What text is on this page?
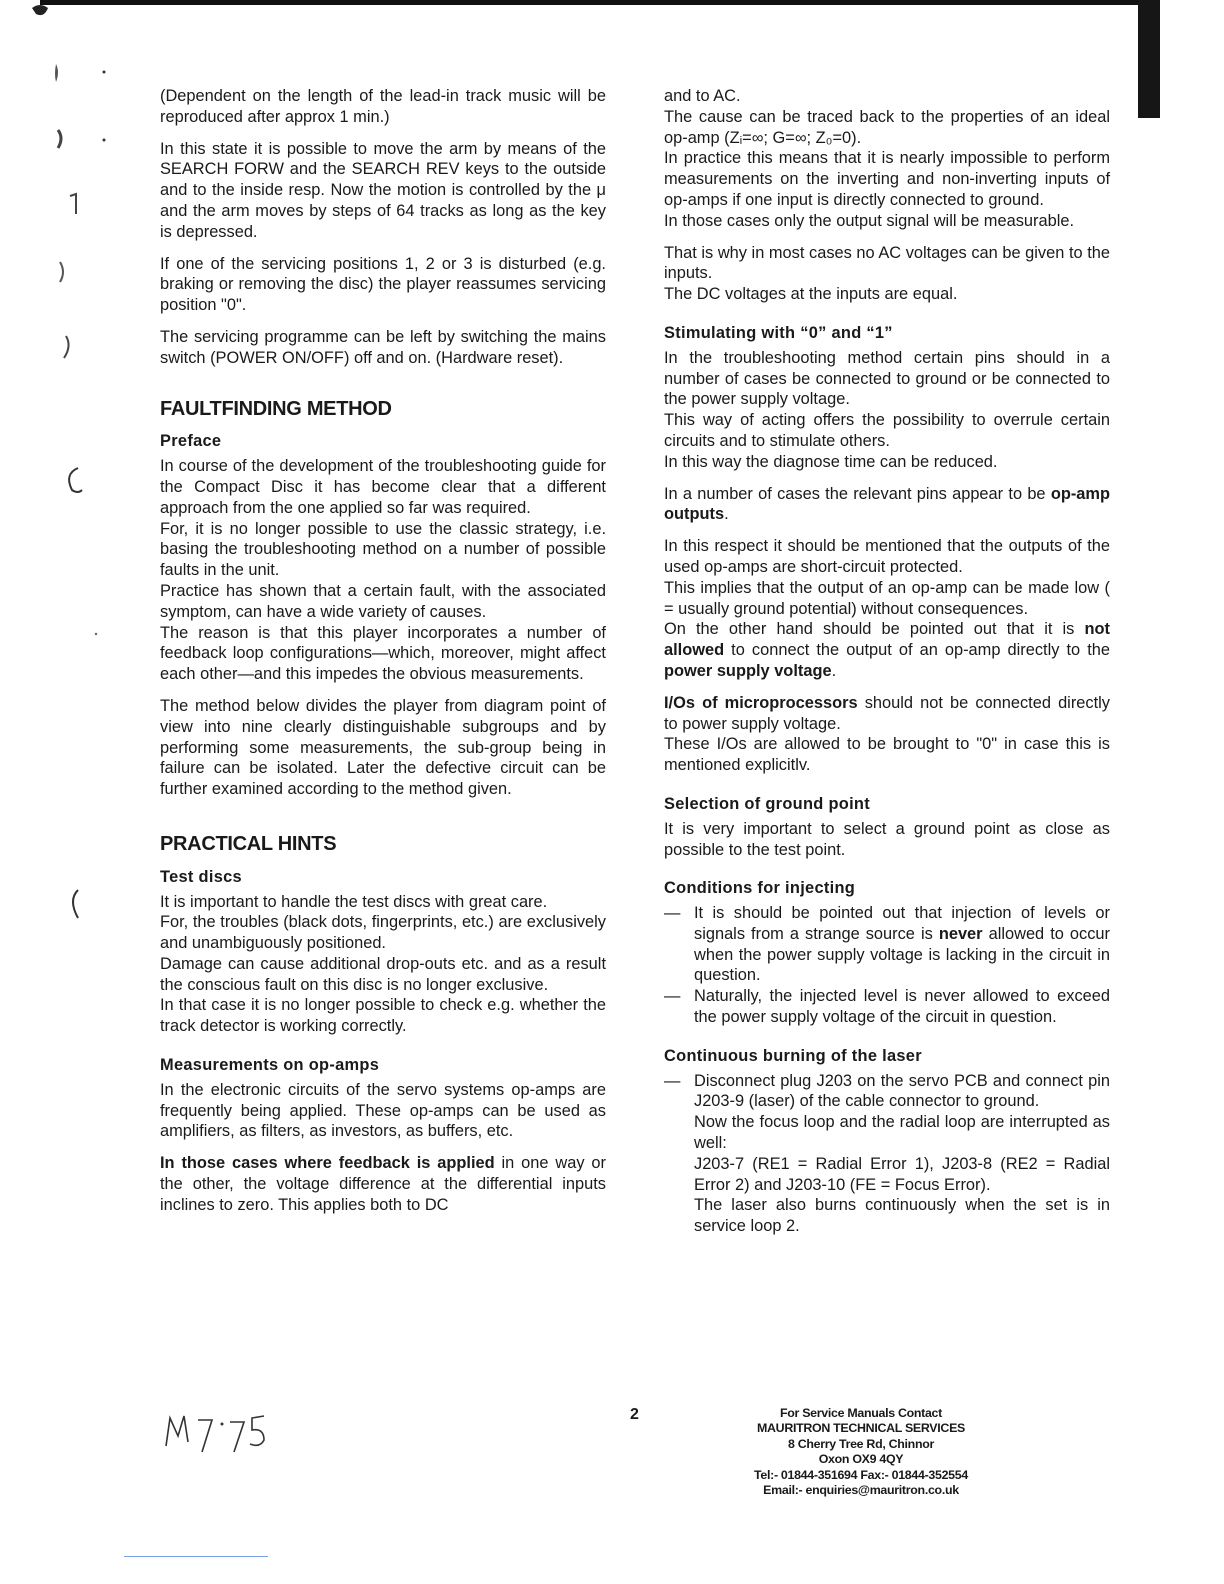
(Dependent on the length of the lead-in track music will be reproduced after approx 1 min.)

In this state it is possible to move the arm by means of the SEARCH FORW and the SEARCH REV keys to the outside and to the inside resp. Now the motion is controlled by the μ and the arm moves by steps of 64 tracks as long as the key is depressed.

If one of the servicing positions 1, 2 or 3 is disturbed (e.g. braking or removing the disc) the player reassumes servicing position "0".

The servicing programme can be left by switching the mains switch (POWER ON/OFF) off and on. (Hardware reset).

FAULTFINDING METHOD
Preface

In course of the development of the troubleshooting guide for the Compact Disc it has become clear that a different approach from the one applied so far was required.

For, it is no longer possible to use the classic strategy, i.e. basing the troubleshooting method on a number of possible faults in the unit.

Practice has shown that a certain fault, with the associated symptom, can have a wide variety of causes.

The reason is that this player incorporates a number of feedback loop configurations—which, moreover, might affect each other—and this impedes the obvious measurements.

The method below divides the player from diagram point of view into nine clearly distinguishable subgroups and by performing some measurements, the sub-group being in failure can be isolated. Later the defective circuit can be further examined according to the method given.

PRACTICAL HINTS
Test discs

It is important to handle the test discs with great care.

For, the troubles (black dots, fingerprints, etc.) are exclusively and unambiguously positioned.

Damage can cause additional drop-outs etc. and as a result the conscious fault on this disc is no longer exclusive.

In that case it is no longer possible to check e.g. whether the track detector is working correctly.

Measurements on op-amps

In the electronic circuits of the servo systems op-amps are frequently being applied. These op-amps can be used as amplifiers, as filters, as investors, as buffers, etc.

In those cases where feedback is applied in one way or the other, the voltage difference at the differential inputs inclines to zero. This applies both to DC

and to AC.

The cause can be traced back to the properties of an ideal op-amp (Zᵢ=∞; G=∞; Z₀=0).

In practice this means that it is nearly impossible to perform measurements on the inverting and non-inverting inputs of op-amps if one input is directly connected to ground.

In those cases only the output signal will be measurable.

That is why in most cases no AC voltages can be given to the inputs.

The DC voltages at the inputs are equal.

Stimulating with “0” and “1”

In the troubleshooting method certain pins should in a number of cases be connected to ground or be connected to the power supply voltage.

This way of acting offers the possibility to overrule certain circuits and to stimulate others.

In this way the diagnose time can be reduced.

In a number of cases the relevant pins appear to be op-amp outputs.

In this respect it should be mentioned that the outputs of the used op-amps are short-circuit protected.

This implies that the output of an op-amp can be made low ( = usually ground potential) without consequences.

On the other hand should be pointed out that it is not allowed to connect the output of an op-amp directly to the power supply voltage.

I/Os of microprocessors should not be connected directly to power supply voltage.

These I/Os are allowed to be brought to "0" in case this is mentioned explicitlv.

Selection of ground point

It is very important to select a ground point as close as possible to the test point.

Conditions for injecting
— It is should be pointed out that injection of levels or signals from a strange source is never allowed to occur when the power supply voltage is lacking in the circuit in question.
— Naturally, the injected level is never allowed to exceed the power supply voltage of the circuit in question.
Continuous burning of the laser
— Disconnect plug J203 on the servo PCB and connect pin J203-9 (laser) of the cable connector to ground.
Now the focus loop and the radial loop are interrupted as well:
J203-7 (RE1 = Radial Error 1), J203-8 (RE2 = Radial Error 2) and J203-10 (FE = Focus Error).
The laser also burns continuously when the set is in service loop 2.
2	For Service Manuals Contact
MAURITRON TECHNICAL SERVICES
8 Cherry Tree Rd, Chinnor
Oxon OX9 4QY
Tel:- 01844-351694 Fax:- 01844-352554
Email:- enquiries@mauritron.co.uk
